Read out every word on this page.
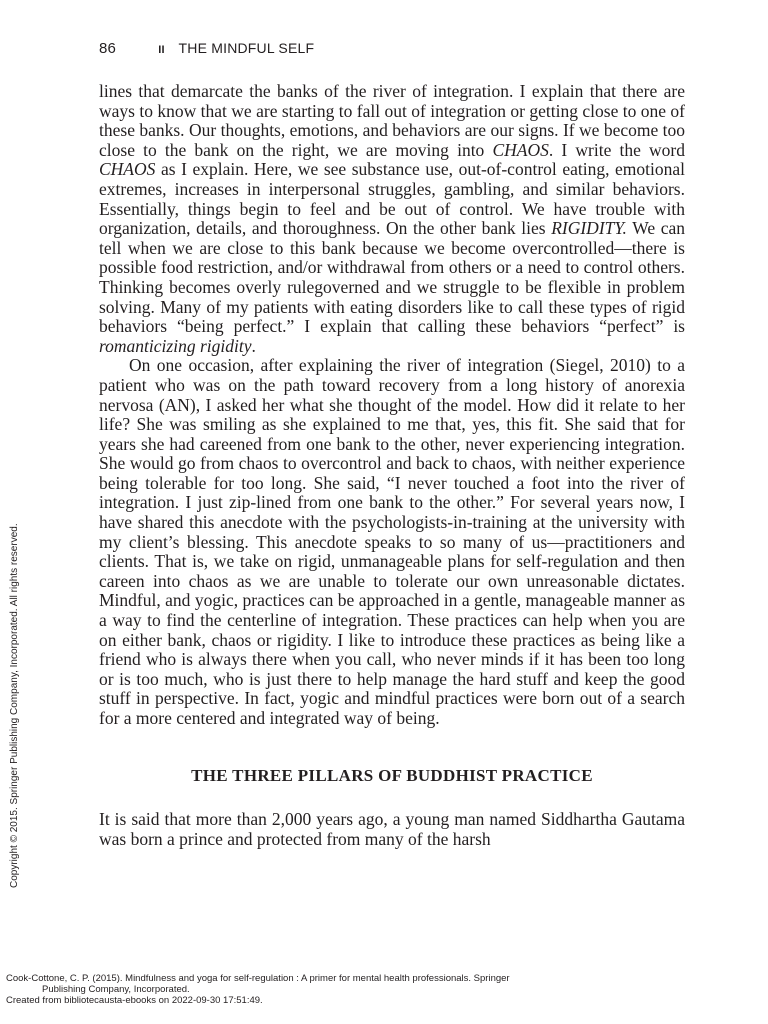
86	II THE MINDFUL SELF

lines that demarcate the banks of the river of integration. I explain that there are ways to know that we are starting to fall out of integration or getting close to one of these banks. Our thoughts, emotions, and behaviors are our signs. If we become too close to the bank on the right, we are moving into CHAOS. I write the word CHAOS as I explain. Here, we see substance use, out-of-control eating, emotional extremes, increases in interpersonal struggles, gambling, and similar behaviors. Essentially, things begin to feel and be out of control. We have trouble with organization, details, and thoroughness. On the other bank lies RIGIDITY. We can tell when we are close to this bank because we become overcontrolled—there is possible food restriction, and/or withdrawal from others or a need to control others. Thinking becomes overly rulegoverned and we struggle to be flexible in problem solving. Many of my patients with eating disorders like to call these types of rigid behaviors “being perfect.” I explain that calling these behaviors “perfect” is romanticizing rigidity.

On one occasion, after explaining the river of integration (Siegel, 2010) to a patient who was on the path toward recovery from a long history of anorexia nervosa (AN), I asked her what she thought of the model. How did it relate to her life? She was smiling as she explained to me that, yes, this fit. She said that for years she had careened from one bank to the other, never experiencing integration. She would go from chaos to overcontrol and back to chaos, with neither experience being tolerable for too long. She said, “I never touched a foot into the river of integration. I just zip-lined from one bank to the other.” For several years now, I have shared this anecdote with the psychologists-in-training at the university with my client’s blessing. This anecdote speaks to so many of us—practitioners and clients. That is, we take on rigid, unmanageable plans for self-regulation and then careen into chaos as we are unable to tolerate our own unreasonable dictates. Mindful, and yogic, practices can be approached in a gentle, manageable manner as a way to find the centerline of integration. These practices can help when you are on either bank, chaos or rigidity. I like to introduce these practices as being like a friend who is always there when you call, who never minds if it has been too long or is too much, who is just there to help manage the hard stuff and keep the good stuff in perspective. In fact, yogic and mindful practices were born out of a search for a more centered and integrated way of being.

THE THREE PILLARS OF BUDDHIST PRACTICE

It is said that more than 2,000 years ago, a young man named Siddhartha Gautama was born a prince and protected from many of the harsh

Copyright © 2015. Springer Publishing Company, Incorporated. All rights reserved.
Cook-Cottone, C. P. (2015). Mindfulness and yoga for self-regulation : A primer for mental health professionals. Springer
Publishing Company, Incorporated.
Created from bibliotecausta-ebooks on 2022-09-30 17:51:49.
